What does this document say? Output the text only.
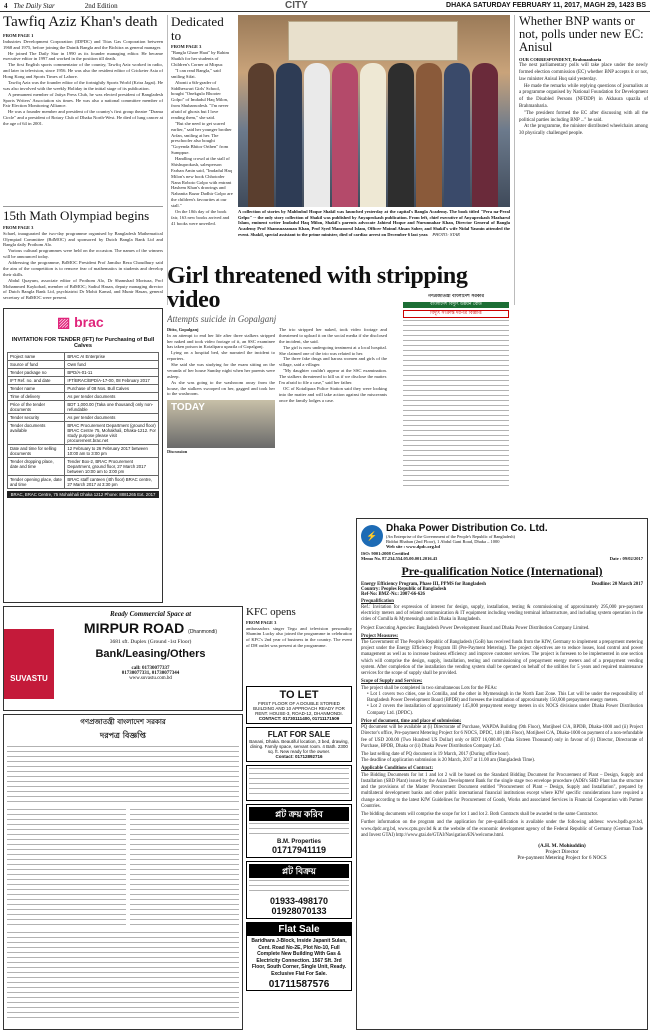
4 The Daily Star	2nd Edition	CITY	DHAKA SATURDAY FEBRUARY 11, 2017, MAGH 29, 1423 BS
Tawfiq Aziz Khan's death
FROM PAGE 1

Industries Development Corporation (IDPDC) and Titas Gas Corporation between 1968 and 1975, before joining the Dainik Bangla and the Bichitra as general manager.

He joined The Daily Star in 1990 as its founder managing editor. He became executive editor in 1997 and worked in the position till death.

The first English sports commentator of the country, Tawfiq Aziz worked in radio, and later in television, since 1956. He was also the resident editor of Cricketer Asia of Hong Kong and Sports Times of Lahore.

Tawfiq Aziz was the founder editor of the fortnightly Sports World (Krira Jagat). He was also involved with the weekly Holiday in the initial stage of its publication.

A permanent member of Jatiya Press Club, he was elected president of Bangladesh Sports Writers' Association six times. He was also a national committee member of Fair Election Monitoring Alliance.

He was a founder member and president of the country's first group theatre "Drama Circle" and a president of Rotary Club of Dhaka North-West. He died of lung cancer at the age of 64 in 2001.

15th Math Olympiad begins
FROM PAGE 3

Schael, inaugurated the two-day programme organised by Bangladesh Mathematical Olympiad Committee (BdMOC) and sponsored by Dutch Bangla Bank Ltd and Bangla daily Prothom Alo.

Various cultural programmes were held on the occasion. The names of the winners will be announced today.

Addressing the programme, BdMOC President Prof Jamilur Reza Choudhury said the aim of the competition is to remove fear of mathematics in students and develop their skills.

Abdul Quayum, associate editor of Prothom Alo, Dr Shamshad Mortuza, Prof Mohammed Kaykobad, member of BdMOC; Sadiul Hasan, deputy managing director of Dutch Bangla Bank Ltd, psychiatrist Dr Mohit Kamal, and Munir Hasan, general secretary of BdMOC were present.

Dedicated to
FROM PAGE 3

"Bangla Ghare Haat" by Rahim Shaikh for her students of Children's Corner at Mirpur.

"I can read Bangla," said smiling Sifat.

Abonti a 6th-grader of Siddheswari Girls' School, bought "Onekgulo Bhooter Golpo" of Imdadul Haq Milon, from Shubarnodesh. "I'm never afraid of ghosts but I love reading them," she said.

"But she need to get scared earlier," said her younger brother Arfan, smiling at her. The preschooler also bought "Goyenda Bhitor Orthen" from Sumppue.

Handling crowd at the stall of Shishuprokash, salesperson Farhan Amin said, "Imdadul Haq Milon's new book Chhotoder Nana Roboto Golpo with entrant Hashem Khan's drawings and Nabanita Bazar Dadhir Golpo are the children's favourites at our stall."

On the 10th day of the book fair, 163 new books arrived and 41 books were unveiled.

A collection of stories by Mahbubul Hoque Shakil was launched yesterday at the capital's Bangla Academy. The book titled "Pera na-Peral Gelpo" -- the only story collection of Shakil was published by Anyaprokash publication. From left, chief executive of Anyaprokash Mazharul Islam, eminent writer Imdadul Haq Milon, Shakil's parents advocate Jahirul Hoque and Nurunnahar Khan, Director General of Bangla Academy Prof Shamsuzzaman Khan, Prof Syed Manzoorul Islam, Officer Moinul Ahsan Saber, and Shakil's wife Nidal Yasmin attended the event. Shakil, special assistant to the prime minister, died of cardiac arrest on December 6 last year. PHOTO: STAR
Whether BNP wants or not, polls under new EC: Anisul
OUR CORRESPONDENT, Brahmanbaria

The next parliamentary polls will take place under the newly formed election commission (EC) whether BNP accepts it or not, law minister Anisul Huq said yesterday.

He made the remarks while replying questions of journalists at a programme organised by National Foundation for Development of the Disabled Persons (NFDDP) in Akhaura upazila of Brahmanbaria.

"The president formed the EC after discussing with all the political parties including BNP ..." he said.

At the programme, the minister distributed wheelchairs among 30 physically challenged people.

▨ brac
INVITATION FOR TENDER (IFT) for Purchasing of Bull Calves
Project name	BRAC AI Enterprise
Source of fund	Own fund
Tender package no	BPD/A-01-11
IFT Ref. no. and date	IFT/BRAC/BPD/A-17-00, 08 February 2017
Tender name	Purchase of 08 Nos. Bull Calves
Time of delivery	As per tender documents
Price of the tender documents	BDT 1,000.00 (Taka one thousand) only non-refundable
Tender security	As per tender documents
Tender documents available	BRAC Procurement Department (ground floor) BRAC Centre 75, Mohakhali, Dhaka-1212. For study purpose please visit procurement.brac.net
Date and time for selling documents	12 February to 26 February 2017 between 10:00 am to 3:00 pm
Tender dropping place, date and time	Tender Box-2, BRAC Procurement Department, ground floor, 27 March 2017 between 10:00 am to 3:00 pm
Tender opening place, date and time	BRAC staff canteen (4th floor) BRAC centre, 27 March 2017 at 3:30 pm
BRAC, BRAC Centre, 75 Mohakhali Dhaka 1212 Phone: 8881265 Ext. 2017
Girl threatened with stripping video
Attempts suicide in Gopalganj
Ditto, Gopalganj

In an attempt to end her life after three stalkers stripped her naked and took video footage of it, an SSC examinee has taken poison in Kotalipara upazila of Gopalganj.

Lying on a hospital bed, she narrated the incident to reporters.

She said she was studying for the exam sitting on the veranda of her house Sunday night when her parents were asleep.

As she was going to the washroom away from the house, the stalkers swooped on her, gagged and took her to the washroom.

TODAY
Discussion

The trio stripped her naked, took video footage and threatened to upload it on the social media if she disclosed the incident, she said.

The girl is now undergoing treatment at a local hospital. She claimed one of the trio was related to her.

The three fake drugs and harass women and girls of the village, said a villager.

"My daughter couldn't appear at the SSC examination. The stalkers threatened to kill us if we disclose the matter. I'm afraid to file a case," said her father.

OC of Kotalipara Police Station said they were looking into the matter and will take action against the miscreants once the family lodges a case.

গণপ্রজাতন্ত্রী বাংলাদেশ সরকার
বাংলাদেশ বিদ্যুৎ উন্নয়ন বোর্ড
বিদ্যুৎ সংক্রান্ত দরপত্র বিজ্ঞপ্তি
⚡
Dhaka Power Distribution Co. Ltd.
(An Enterprise of the Government of the People's Republic of Bangladesh)
Biddut Bhaban (2nd Floor), 1 Abdul Gani Road, Dhaka – 1000
Web site : www.dpdc.org.bd
ISO: 9001:2008 Certified
Memo No. 87.234.554.05.00.001.2016.43	Date : 09/02/2017
Pre-qualification Notice (International)
Energy Efficiency Program, Phase III, PPMS for Bangladesh	Deadline: 20 March 2017
Country: Peoples Republic of Bangladesh
Ref-No: BMZ-Nr.: 2007-66-626
Prequalification

Ref.: Invitation for expression of interest for design, supply, installation, testing & commissioning of approximately 295,000 pre-payment electricity meters and of related communication & IT equipment including vending terminal infrastructure, and including system operation in the cities of Comilla & Mymensingh and in Dhaka in Bangladesh.

Project Executing Agencies: Bangladesh Power Development Board and Dhaka Power Distribution Company Limited.

Project Measures:

The Government of The People's Republic of Bangladesh (GoB) has received funds from the KfW, Germany to implement a prepayment metering project under the Energy Efficiency Program III (Pre-Payment Metering). The project objectives are to reduce losses, load control and power management as well as to increase business efficiency and improve customer services. The project is foreseen to be implemented in one section which will comprise the design, supply, installation, testing and commissioning of prepayment energy meters and of a prepayment vending system. After completion of the installation the vending system shall be operated on behalf of the utilities for 5 years and required maintenance services for the scope of supply shall be provided.

Scope of Supply and Services:

The project shall be completed in two simultaneous Lots for the PEAs:

• Lot 1 covers two cities, one in Comilla, and the other in Mymensingh in the North East Zone. This Lot will be under the responsibility of Bangladesh Power Development Board (BPDB) and foresees the installation of approximately 150,000 prepayment energy meters.

• Lot 2 covers the installation of approximately 145,000 prepayment energy meters in six NOCS divisions under Dhaka Power Distribution Company Ltd. (DPDC).

Price of document, time and place of submission:

PQ document will be available at (i) Directorate of Purchase, WAPDA Building (9th Floor), Motijheel C/A, BPDB, Dhaka-1000 and (ii) Project Director's office, Pre-payment Metering Project for 6 NOCS, DPDC, 148 (4th Floor), Motijheel C/A, Dhaka-1000 on payment of a non-refundable fee of USD 200.00 (Two Hundred US Dollar) only or BDT 16,000.00 (Taka Sixteen Thousand) only in favour of (i) Director, Directorate of Purchase, BPDB, Dhaka or (ii) Dhaka Power Distribution Company Ltd.

The last selling date of PQ document is 19 March, 2017 (During office hour).

The deadline of application submission is 20 March, 2017 at 11.00 am (Bangladesh Time).

Applicable Conditions of Contract:

The Bidding Documents for lot 1 and lot 2 will be based on the Standard Bidding Document for Procurement of Plant – Design, Supply and Installation (SBD Plant) issued by the Asian Development Bank for the single stage two envelope procedure (ADB's SBD Plant has the structure and the provisions of the Master Procurement Document entitled "Procurement of Plant – Design, Supply and Installation", prepared by multilateral development banks and other public international financial institutions except where KfW specific considerations have required a change according to the latest KfW Guidelines for Procurement of Goods, Works and associated Services in Financial Cooperation with Partner Countries.

The bidding documents will comprise the scope for lot 1 and lot 2. Both Contracts shall be awarded to the same Contractor.

Further information on the program and the application for pre-qualification is available under the following address: www.bpdb.gov.bd, www.dpdc.org.bd, www.cptu.gov.bd & at the website of the economic development agency of the Federal Republic of Germany (German Trade and Invest GTAI) http://www.gtai.de/GTAI/Navigation/EN/welcome.html.

(A.H. M. Mohiuddin)
Project Director
Pre-payment Metering Project for 6 NOCS
SUVASTU
Ready Commercial Space at
MIRPUR ROAD (Dhanmondi)
3681 sft. Duplex (Ground -1st Floor)
Bank/Leasing/Others
call: 01730077337
01730077331, 01730077344
www.suvastu.com.bd
KFC opens
FROM PAGE 3
ambassadors singer Tegu and television personality Shamim Lucky also joined the programme in celebration of KFC's 2nd year of business in the country. The event of DH outlet was present at the programme.
গণপ্রজাতন্ত্রী বাংলাদেশ সরকার
দরপত্র বিজ্ঞপ্তি
TO LET
FIRST FLOOR OF A DOUBLE STORIED BUILDING AND 10 APPROACH READY FOR RENT. HOUSE-3, ROAD-12, DHANMONDI.
CONTACT: 01730111400, 01711171509
FLAT FOR SALE
Banani, Dhaka. Beautiful location, 3 bed, drawing, dining. Family space, servant room. 4 Bath. 2300 sq. ft. New ready for the owner.
Contact: 01712892716
প্লট ক্রয় করিব
B.M. Properties
01717941119
প্লট বিক্রয়
01933-498170
01928070133
Flat Sale
Baridhara J-Block, Inside Japanit Sulan, Cent. Road No-2E, Plot No-10, Full Complete New Building With Gas & Electricity Connection. 1567 Sft. 3rd Floor, South Corner, Single Unit, Ready. Exclusive Flat For Sale.
01711587576
